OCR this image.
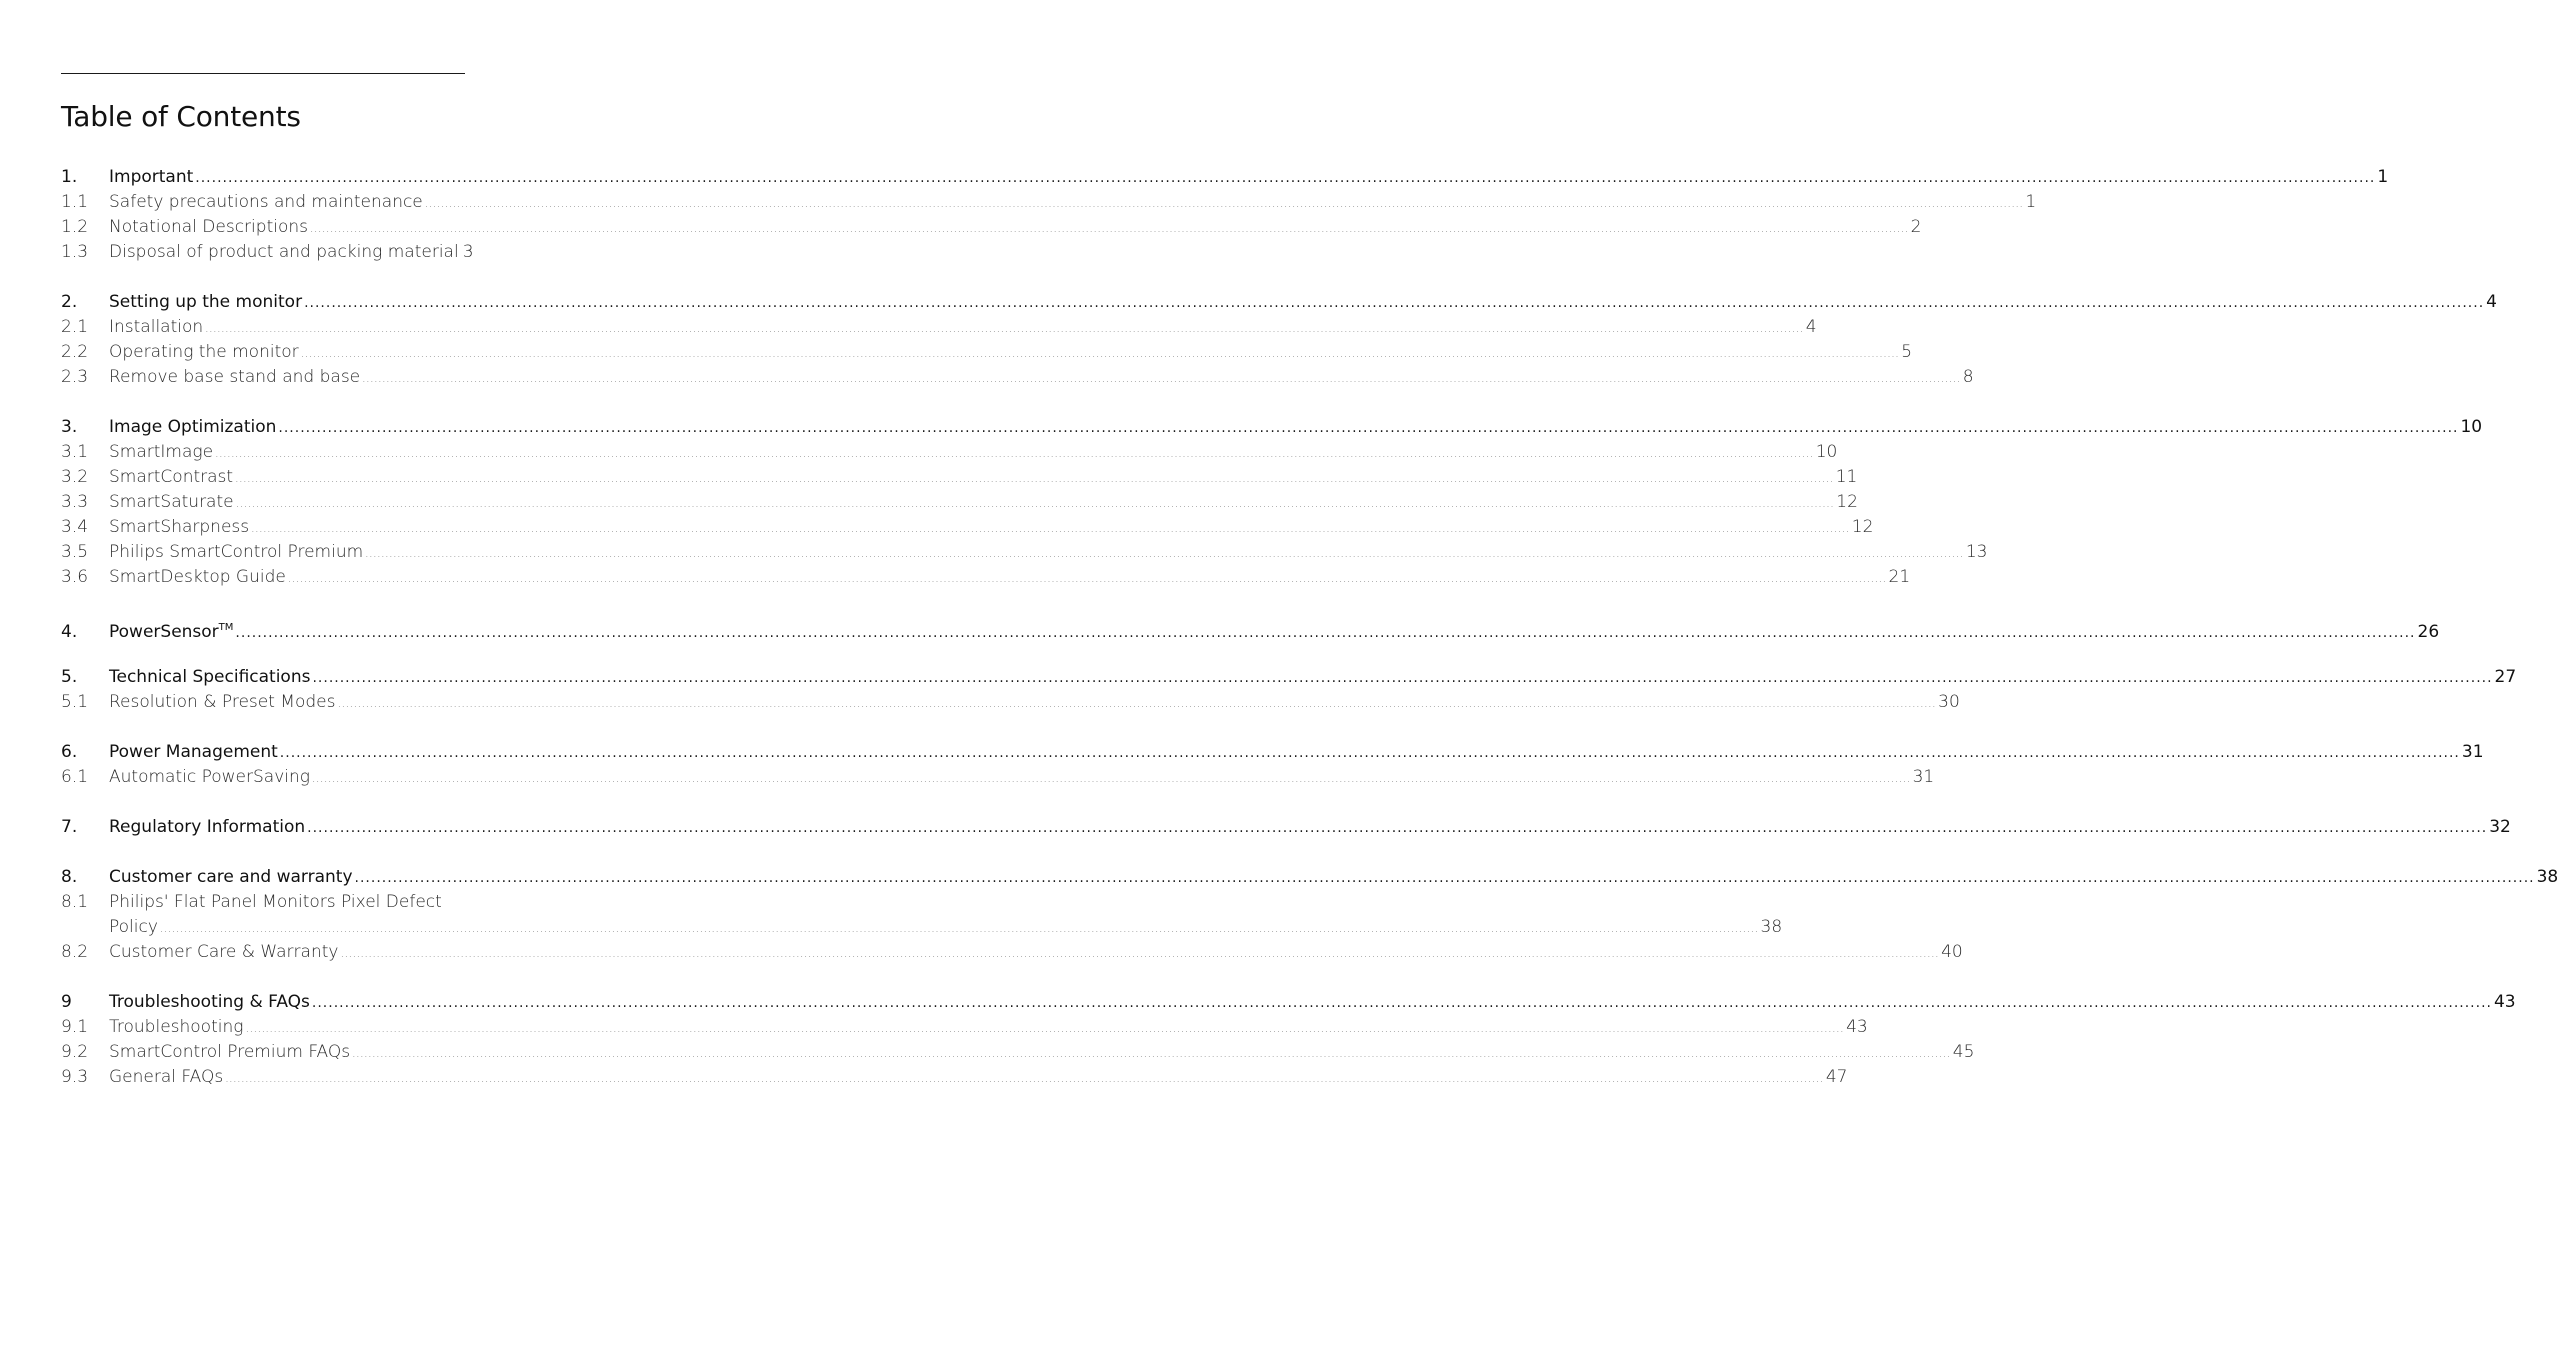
Table of Contents
1.	Important ................................................................................................................................................................................................................................................................................................................................................................................................................ 1
1.1	Safety precautions and maintenance ................................................................................................................................................................................................................................................................................................................................................................................................................ 1
1.2	Notational Descriptions ................................................................................................................................................................................................................................................................................................................................................................................................................ 2
1.3	Disposal of product and packing material 3
2.	Setting up the monitor ................................................................................................................................................................................................................................................................................................................................................................................................................ 4
2.1	Installation ................................................................................................................................................................................................................................................................................................................................................................................................................ 4
2.2	Operating the monitor ................................................................................................................................................................................................................................................................................................................................................................................................................ 5
2.3	Remove base stand and base ................................................................................................................................................................................................................................................................................................................................................................................................................ 8
3.	Image Optimization ................................................................................................................................................................................................................................................................................................................................................................................................................ 10
3.1	SmartImage ................................................................................................................................................................................................................................................................................................................................................................................................................ 10
3.2	SmartContrast ................................................................................................................................................................................................................................................................................................................................................................................................................ 11
3.3	SmartSaturate ................................................................................................................................................................................................................................................................................................................................................................................................................ 12
3.4	SmartSharpness ................................................................................................................................................................................................................................................................................................................................................................................................................ 12
3.5	Philips SmartControl Premium ................................................................................................................................................................................................................................................................................................................................................................................................................ 13
3.6	SmartDesktop Guide ................................................................................................................................................................................................................................................................................................................................................................................................................ 21
4.	PowerSensor™ ................................................................................................................................................................................................................................................................................................................................................................................................................ 26
5.	Technical Specifications ................................................................................................................................................................................................................................................................................................................................................................................................................ 27
5.1	Resolution & Preset Modes ................................................................................................................................................................................................................................................................................................................................................................................................................ 30
6.	Power Management ................................................................................................................................................................................................................................................................................................................................................................................................................ 31
6.1	Automatic PowerSaving ................................................................................................................................................................................................................................................................................................................................................................................................................ 31
7.	Regulatory Information ................................................................................................................................................................................................................................................................................................................................................................................................................ 32
8.	Customer care and warranty ................................................................................................................................................................................................................................................................................................................................................................................................................ 38
8.1	Philips' Flat Panel Monitors Pixel Defect
Policy ................................................................................................................................................................................................................................................................................................................................................................................................................ 38
8.2	Customer Care & Warranty ................................................................................................................................................................................................................................................................................................................................................................................................................ 40
9	Troubleshooting & FAQs ................................................................................................................................................................................................................................................................................................................................................................................................................ 43
9.1	Troubleshooting ................................................................................................................................................................................................................................................................................................................................................................................................................ 43
9.2	SmartControl Premium FAQs ................................................................................................................................................................................................................................................................................................................................................................................................................ 45
9.3	General FAQs ................................................................................................................................................................................................................................................................................................................................................................................................................ 47
